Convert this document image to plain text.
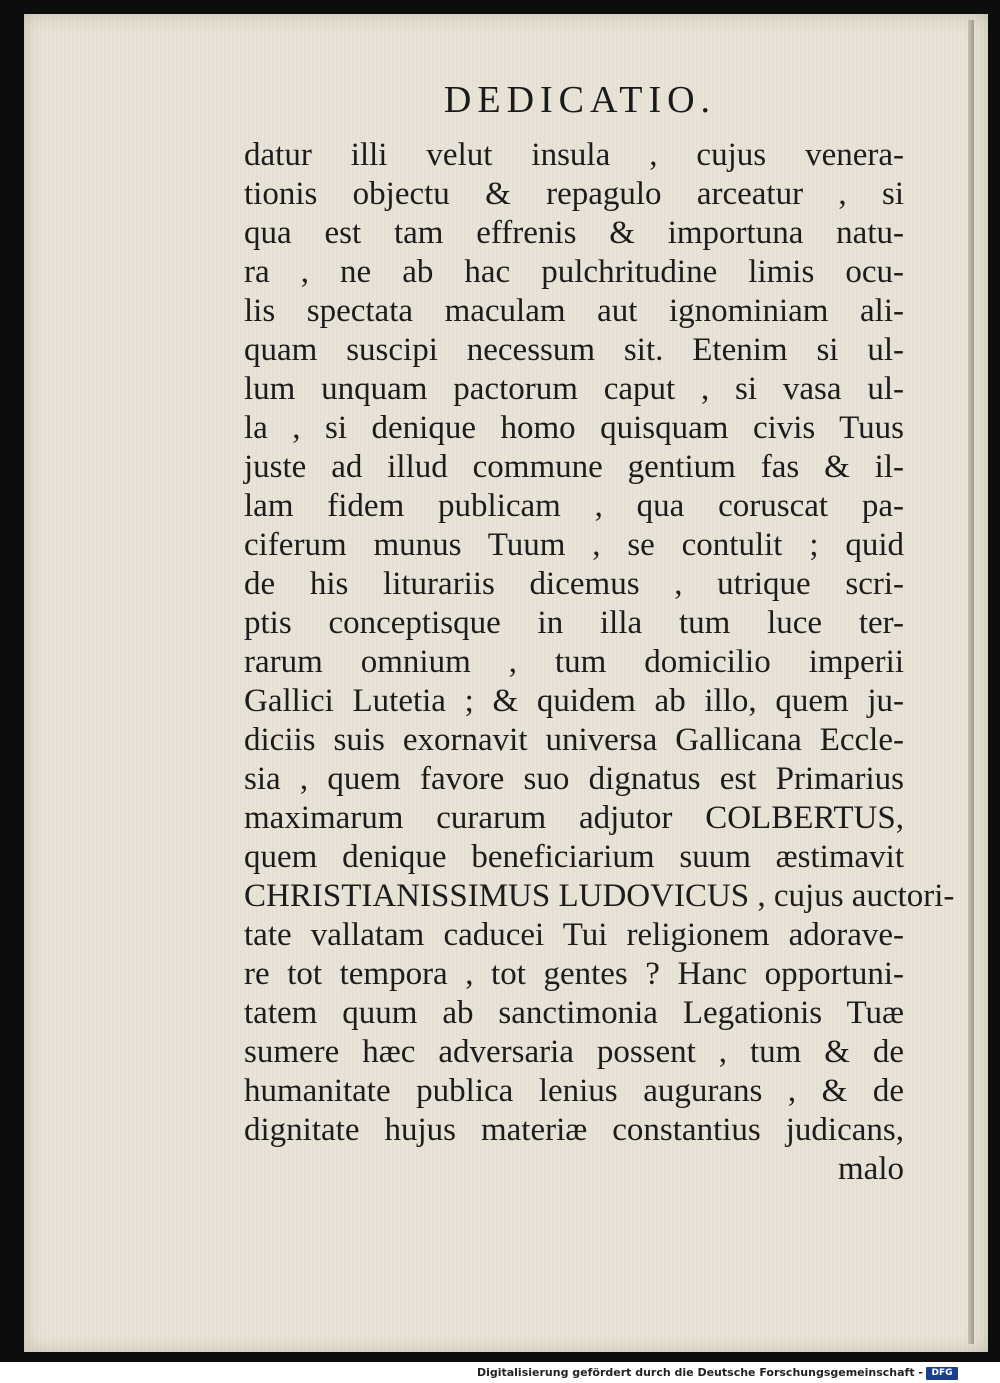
DEDICATIO.
datur illi velut insula , cujus venera-
tionis objectu & repagulo arceatur , si
qua est tam effrenis & importuna natu-
ra , ne ab hac pulchritudine limis ocu-
lis spectata maculam aut ignominiam ali-
quam suscipi necessum sit. Etenim si ul-
lum unquam pactorum caput , si vasa ul-
la , si denique homo quisquam civis Tuus
juste ad illud commune gentium fas & il-
lam fidem publicam , qua coruscat pa-
ciferum munus Tuum , se contulit ; quid
de his liturariis dicemus , utrique scri-
ptis conceptisque in illa tum luce ter-
rarum omnium , tum domicilio imperii
Gallici Lutetia ; & quidem ab illo, quem ju-
diciis suis exornavit universa Gallicana Eccle-
sia , quem favore suo dignatus est Primarius
maximarum curarum adjutor COLBERTUS,
quem denique beneficiarium suum æstimavit
CHRISTIANISSIMUS LUDOVICUS , cujus auctori-
tate vallatam caducei Tui religionem adorave-
re tot tempora , tot gentes ? Hanc opportuni-
tatem quum ab sanctimonia Legationis Tuæ
sumere hæc adversaria possent , tum & de
humanitate publica lenius augurans , & de
dignitate hujus materiæ constantius judicans,
malo
Digitalisierung gefördert durch die Deutsche Forschungsgemeinschaft - DFG
